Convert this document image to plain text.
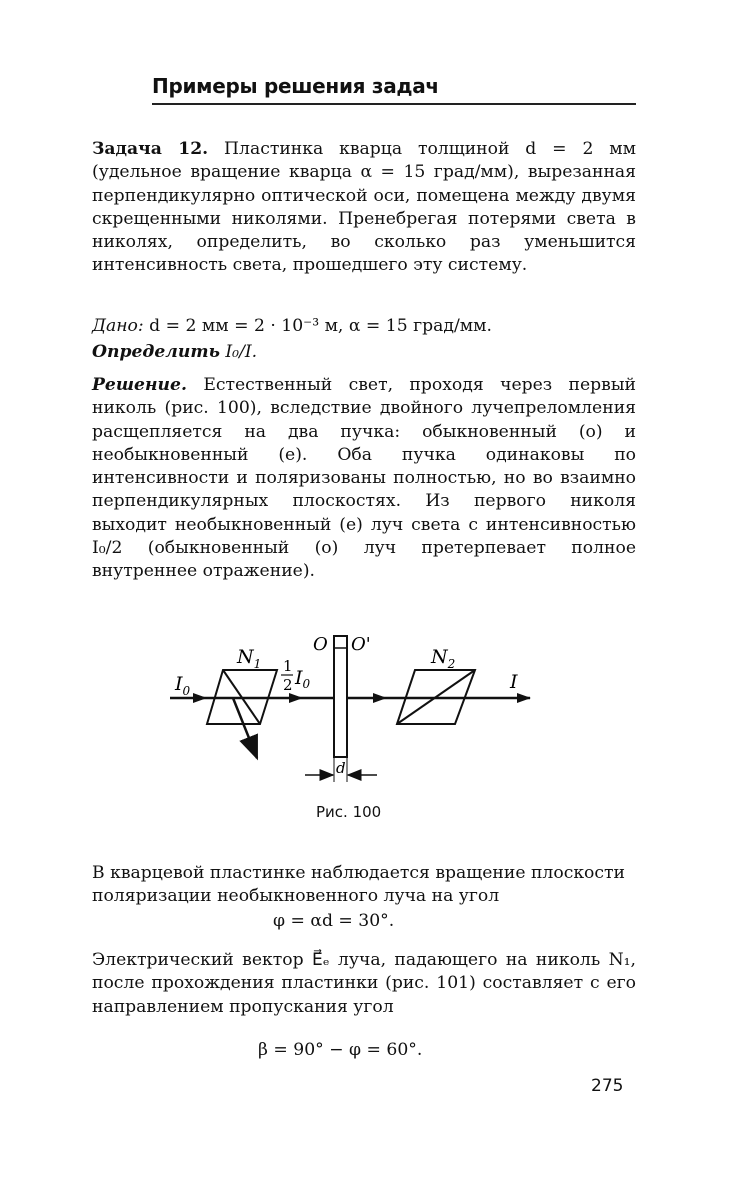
Примеры решения задач

Задача 12. Пластинка кварца толщиной d = 2 мм (удельное вращение кварца α = 15 град/мм), вырезанная перпендикулярно оптической оси, помещена между двумя скрещенными николями. Пренебрегая потерями света в николях, определить, во сколько раз уменьшится интенсивность света, прошедшего эту систему.

Дано: d = 2 мм = 2 · 10⁻³ м, α = 15 град/мм.

Определить I₀/I.

Решение. Естественный свет, проходя через первый николь (рис. 100), вследствие двойного лучепреломления расщепляется на два пучка: обыкновенный (о) и необыкновенный (е). Оба пучка одинаковы по интенсивности и поляризованы полностью, но во взаимно перпендикулярных плоскостях. Из первого николя выходит необыкновенный (е) луч света с интенсивностью I₀/2 (обыкновенный (о) луч претерпевает полное внутреннее отражение).

$I_0$
$N_1$ 1
2 $I_0$
O O'
$N_2$
I
d
Рис. 100

В кварцевой пластинке наблюдается вращение плоскости поляризации необыкновенного луча на угол

φ = αd = 30°.

Электрический вектор E⃗ₑ луча, падающего на николь N₁, после прохождения пластинки (рис. 101) составляет с его направлением пропускания угол

β = 90° − φ = 60°.

275
